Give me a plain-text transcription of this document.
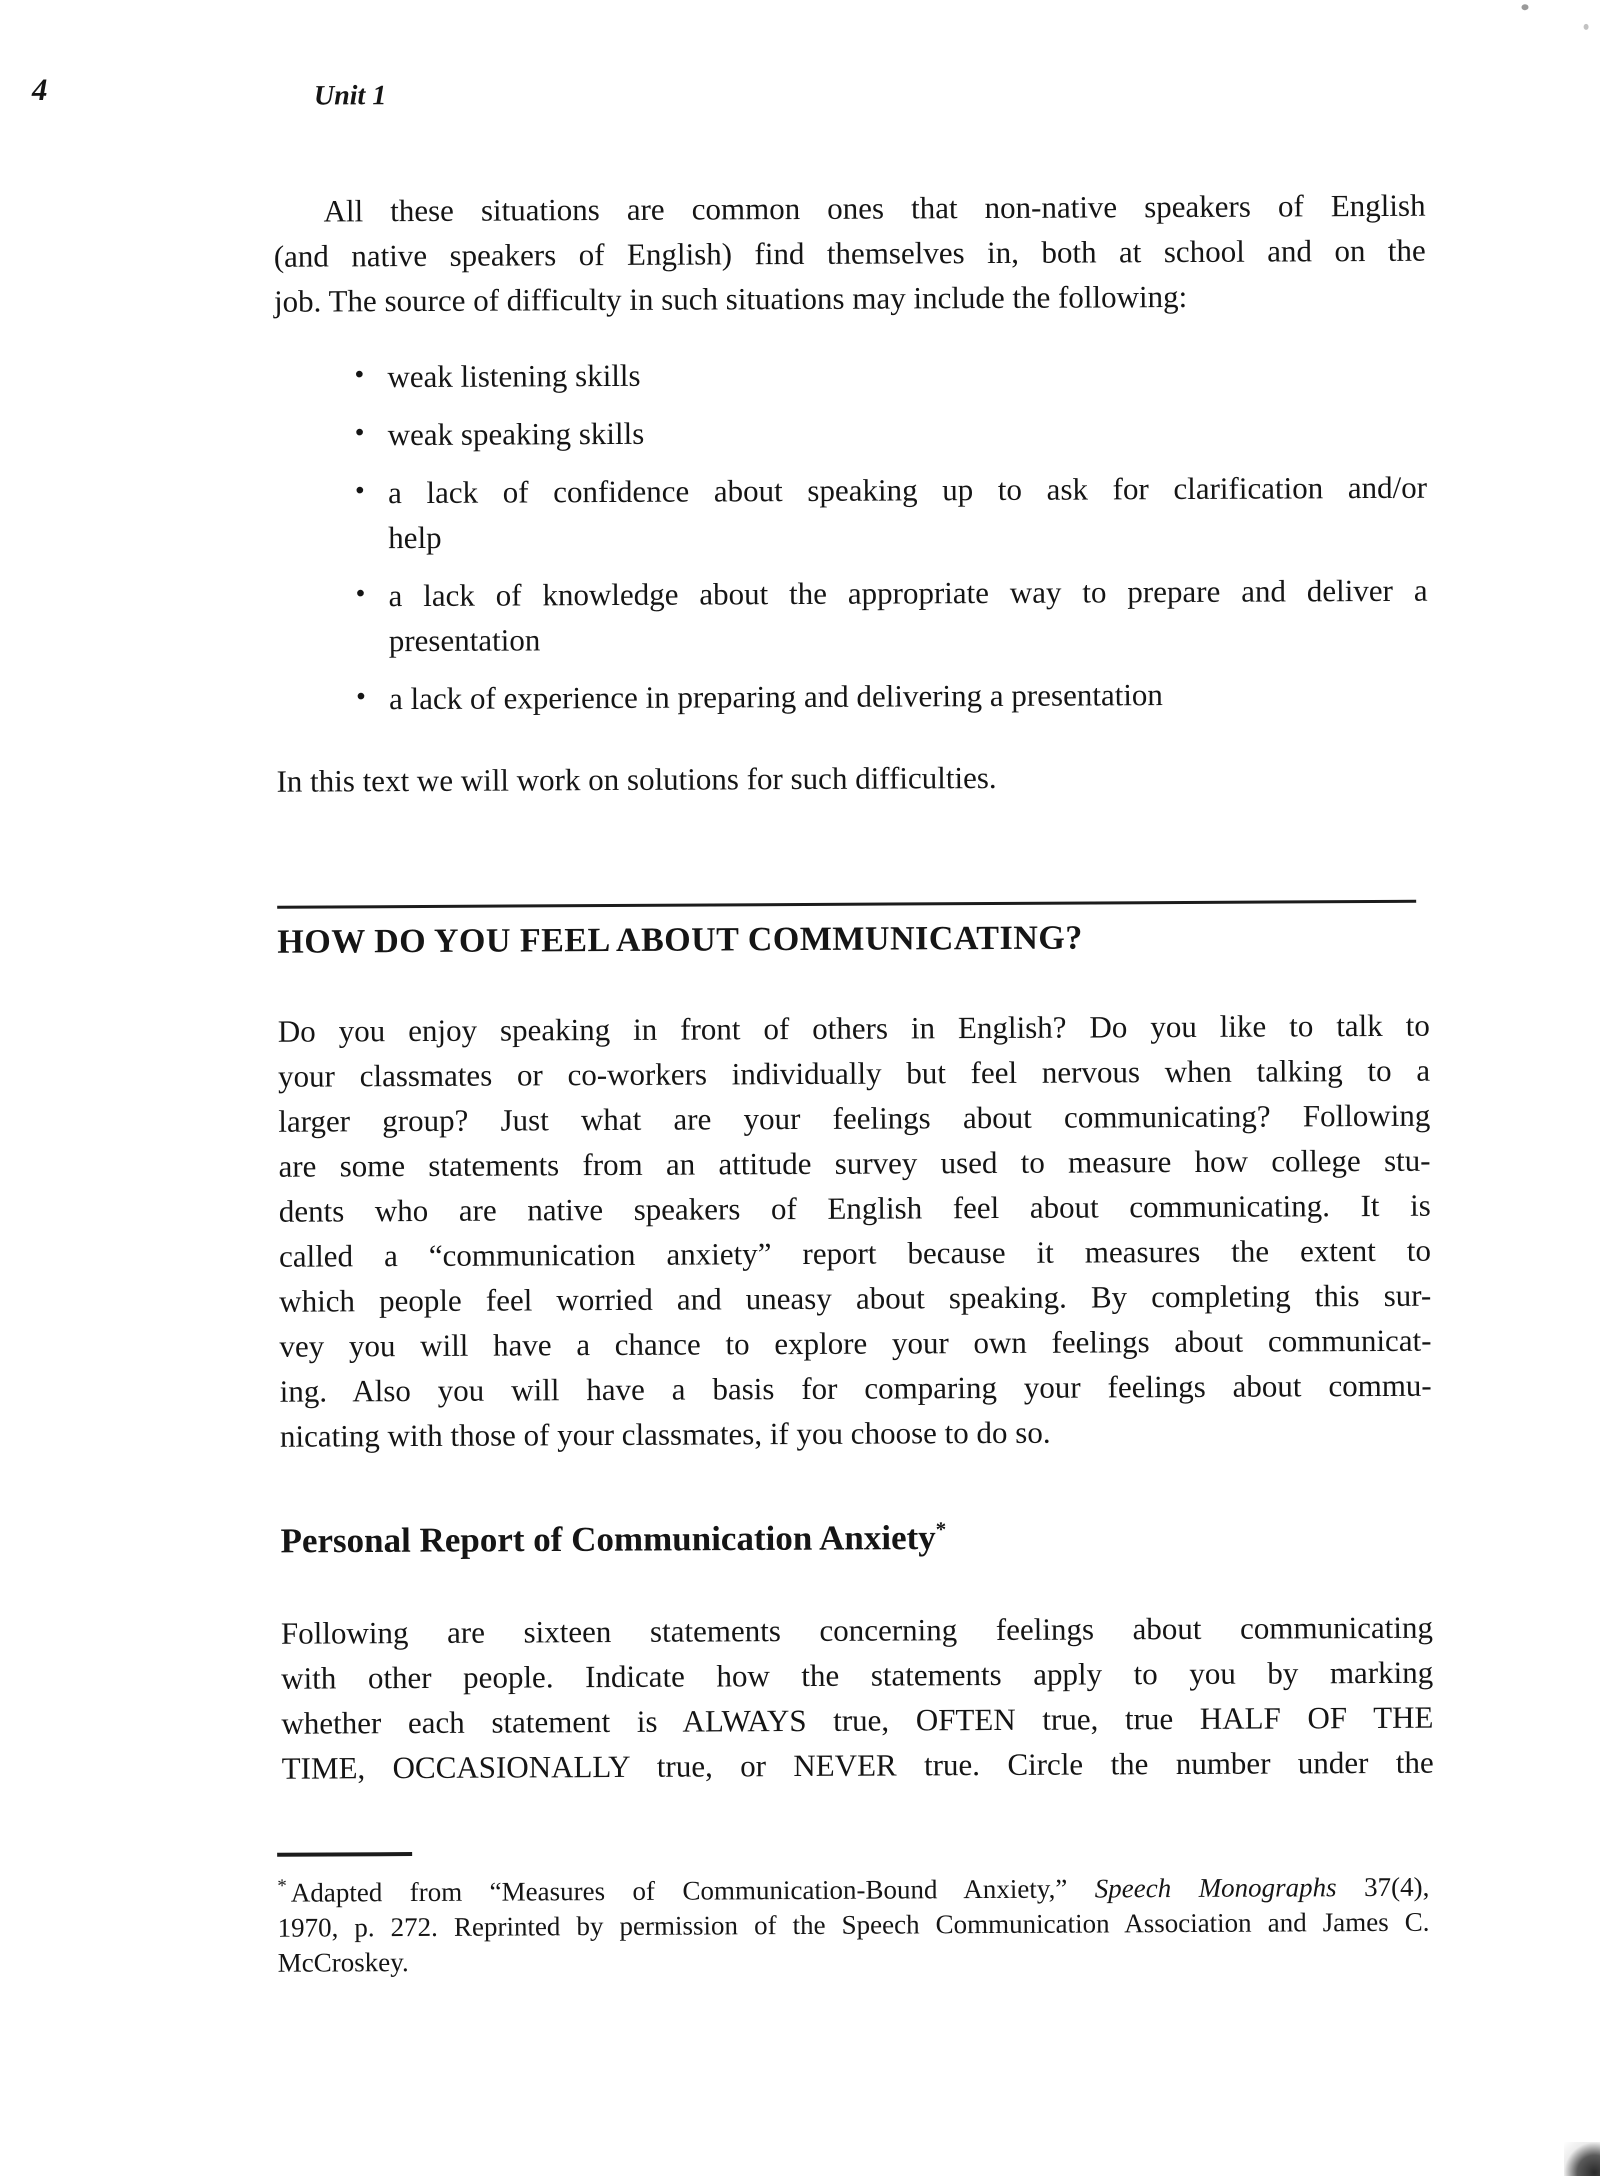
4	Unit 1
All these situations are common ones that non-native speakers of English
(and native speakers of English) find themselves in, both at school and on the
job. The source of difficulty in such situations may include the following:
• weak listening skills
• weak speaking skills
• a lack of confidence about speaking up to ask for clarification and/or
help
• a lack of knowledge about the appropriate way to prepare and deliver a
presentation
• a lack of experience in preparing and delivering a presentation
In this text we will work on solutions for such difficulties.
HOW DO YOU FEEL ABOUT COMMUNICATING?
Do you enjoy speaking in front of others in English? Do you like to talk to
your classmates or co-workers individually but feel nervous when talking to a
larger group? Just what are your feelings about communicating? Following
are some statements from an attitude survey used to measure how college stu-
dents who are native speakers of English feel about communicating. It is
called a “communication anxiety” report because it measures the extent to
which people feel worried and uneasy about speaking. By completing this sur-
vey you will have a chance to explore your own feelings about communicat-
ing. Also you will have a basis for comparing your feelings about commu-
nicating with those of your classmates, if you choose to do so.
Personal Report of Communication Anxiety*
Following are sixteen statements concerning feelings about communicating
with other people. Indicate how the statements apply to you by marking
whether each statement is ALWAYS true, OFTEN true, true HALF OF THE
TIME, OCCASIONALLY true, or NEVER true. Circle the number under the
* Adapted from “Measures of Communication-Bound Anxiety,” Speech Monographs 37(4),
1970, p. 272. Reprinted by permission of the Speech Communication Association and James C.
McCroskey.
